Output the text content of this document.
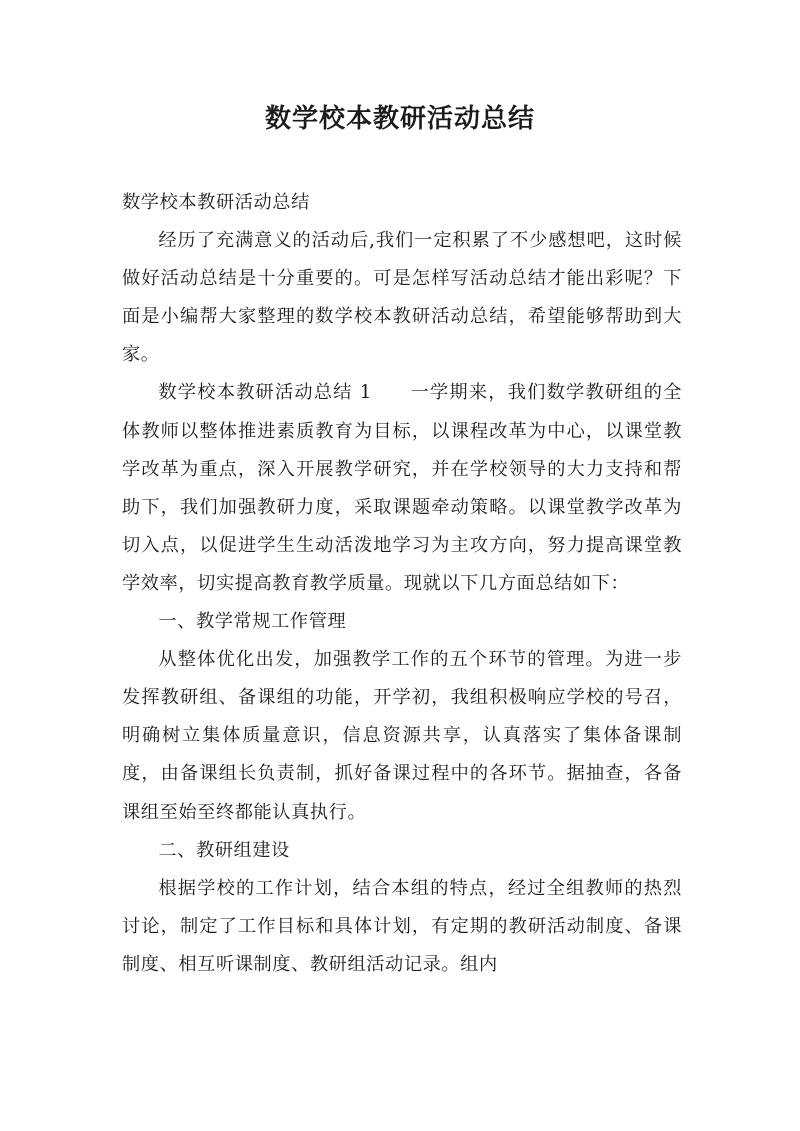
数学校本教研活动总结

数学校本教研活动总结

经历了充满意义的活动后,我们一定积累了不少感想吧，这时候做好活动总结是十分重要的。可是怎样写活动总结才能出彩呢？下面是小编帮大家整理的数学校本教研活动总结，希望能够帮助到大家。

数学校本教研活动总结 1 一学期来，我们数学教研组的全体教师以整体推进素质教育为目标，以课程改革为中心，以课堂教学改革为重点，深入开展教学研究，并在学校领导的大力支持和帮助下，我们加强教研力度，采取课题牵动策略。以课堂教学改革为切入点，以促进学生生动活泼地学习为主攻方向，努力提高课堂教学效率，切实提高教育教学质量。现就以下几方面总结如下：

一、教学常规工作管理

从整体优化出发，加强教学工作的五个环节的管理。为进一步发挥教研组、备课组的功能，开学初，我组积极响应学校的号召，明确树立集体质量意识，信息资源共享，认真落实了集体备课制度，由备课组长负责制，抓好备课过程中的各环节。据抽查，各备课组至始至终都能认真执行。

二、教研组建设

根据学校的工作计划，结合本组的特点，经过全组教师的热烈讨论，制定了工作目标和具体计划，有定期的教研活动制度、备课制度、相互听课制度、教研组活动记录。组内
